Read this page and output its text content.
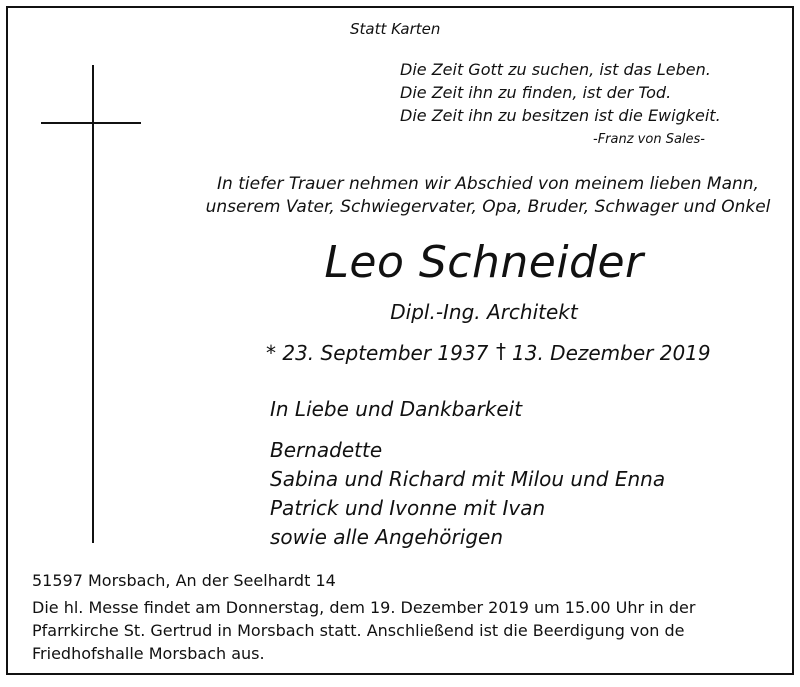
Statt Karten
Die Zeit Gott zu suchen, ist das Leben.
Die Zeit ihn zu finden, ist der Tod.
Die Zeit ihn zu besitzen ist die Ewigkeit.
-Franz von Sales-
In tiefer Trauer nehmen wir Abschied von meinem lieben Mann,
unserem Vater, Schwiegervater, Opa, Bruder, Schwager und Onkel
Leo Schneider
Dipl.-Ing. Architekt
* 23. September 1937 † 13. Dezember 2019
In Liebe und Dankbarkeit
Bernadette
Sabina und Richard mit Milou und Enna
Patrick und Ivonne mit Ivan
sowie alle Angehörigen
51597 Morsbach, An der Seelhardt 14
Die hl. Messe findet am Donnerstag, dem 19. Dezember 2019 um 15.00 Uhr in der
Pfarrkirche St. Gertrud in Morsbach statt. Anschließend ist die Beerdigung von de
Friedhofshalle Morsbach aus.
